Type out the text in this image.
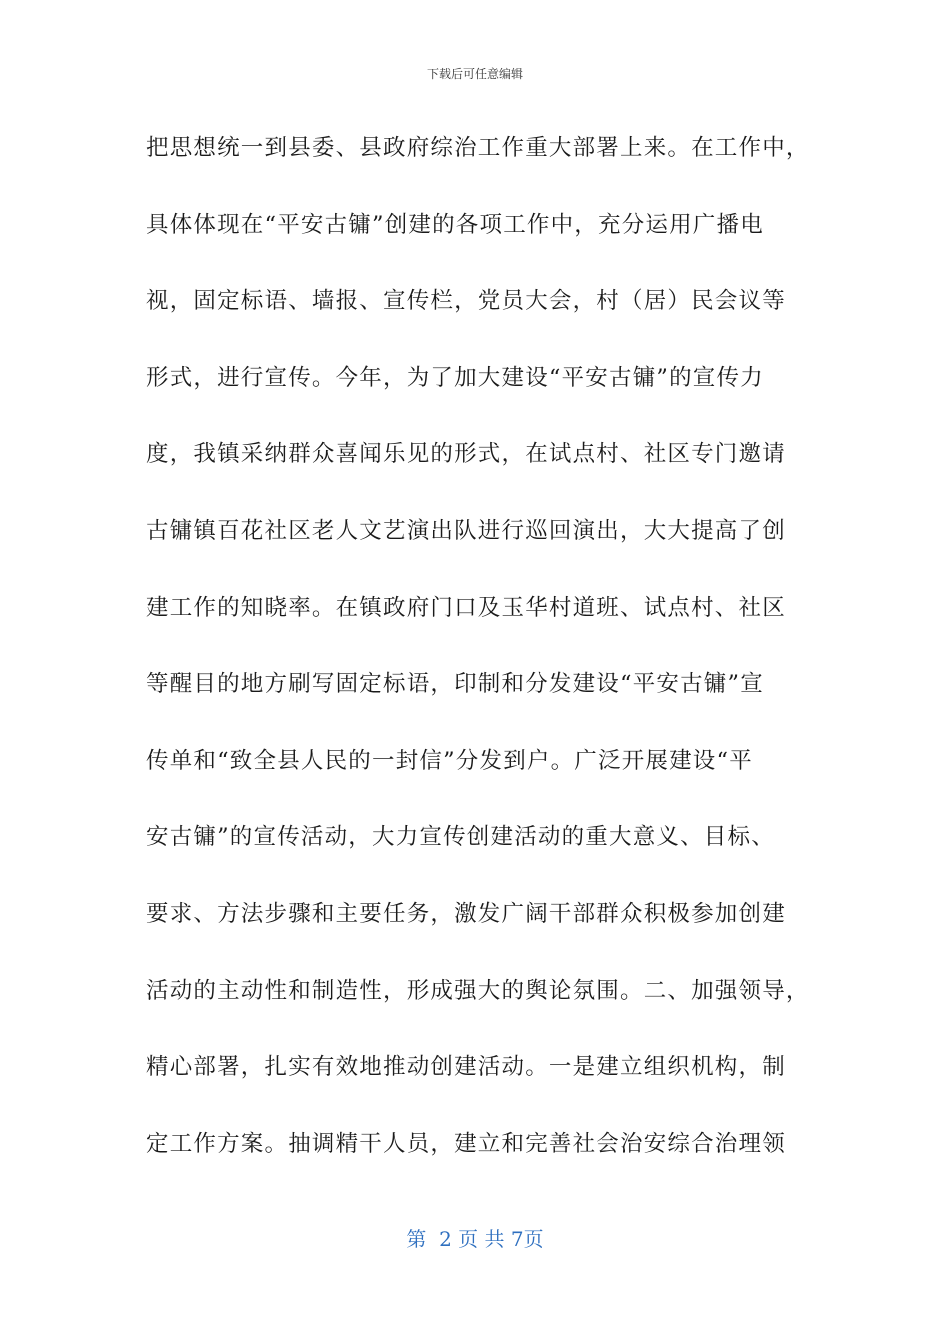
下载后可任意编辑
把思想统一到县委、县政府综治工作重大部署上来。在工作中，
具体体现在“平安古镛”创建的各项工作中，充分运用广播电
视，固定标语、墙报、宣传栏，党员大会，村（居）民会议等
形式，进行宣传。今年，为了加大建设“平安古镛”的宣传力
度，我镇采纳群众喜闻乐见的形式，在试点村、社区专门邀请
古镛镇百花社区老人文艺演出队进行巡回演出，大大提高了创
建工作的知晓率。在镇政府门口及玉华村道班、试点村、社区
等醒目的地方刷写固定标语，印制和分发建设“平安古镛”宣
传单和“致全县人民的一封信”分发到户。广泛开展建设“平
安古镛”的宣传活动，大力宣传创建活动的重大意义、目标、
要求、方法步骤和主要任务，激发广阔干部群众积极参加创建
活动的主动性和制造性，形成强大的舆论氛围。二、加强领导，
精心部署，扎实有效地推动创建活动。一是建立组织机构，制
定工作方案。抽调精干人员，建立和完善社会治安综合治理领
第  2 页 共 7页
